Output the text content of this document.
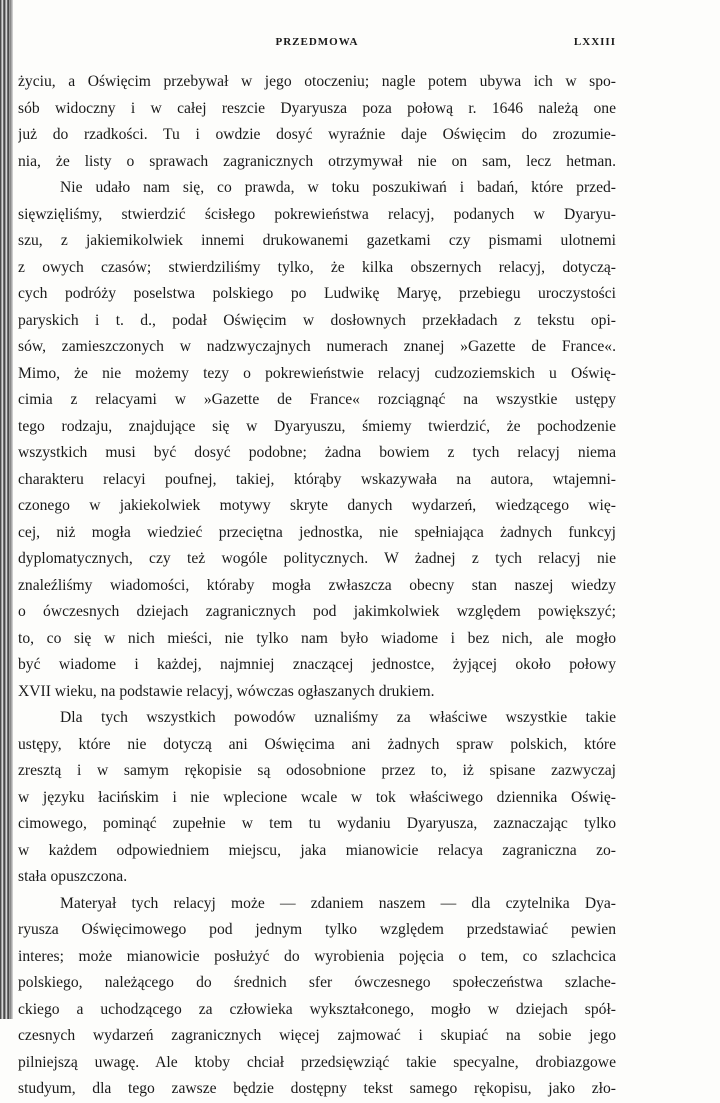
PRZEDMOWA	LXXIII
życiu, a Oświęcim przebywał w jego otoczeniu; nagle potem ubywa ich w spo-
sób widoczny i w całej reszcie Dyaryusza poza połową r. 1646 należą one
już do rzadkości. Tu i owdzie dosyć wyraźnie daje Oświęcim do zrozumie-
nia, że listy o sprawach zagranicznych otrzymywał nie on sam, lecz hetman.
Nie udało nam się, co prawda, w toku poszukiwań i badań, które przed-
sięwzięliśmy, stwierdzić ścisłego pokrewieństwa relacyj, podanych w Dyaryu-
szu, z jakiemikolwiek innemi drukowanemi gazetkami czy pismami ulotnemi
z owych czasów; stwierdziliśmy tylko, że kilka obszernych relacyj, dotyczą-
cych podróży poselstwa polskiego po Ludwikę Maryę, przebiegu uroczystości
paryskich i t. d., podał Oświęcim w dosłownych przekładach z tekstu opi-
sów, zamieszczonych w nadzwyczajnych numerach znanej »Gazette de France«.
Mimo, że nie możemy tezy o pokrewieństwie relacyj cudzoziemskich u Oświę-
cimia z relacyami w »Gazette de France« rozciągnąć na wszystkie ustępy
tego rodzaju, znajdujące się w Dyaryuszu, śmiemy twierdzić, że pochodzenie
wszystkich musi być dosyć podobne; żadna bowiem z tych relacyj niema
charakteru relacyi poufnej, takiej, którąby wskazywała na autora, wtajemni-
czonego w jakiekolwiek motywy skryte danych wydarzeń, wiedzącego wię-
cej, niż mogła wiedzieć przeciętna jednostka, nie spełniająca żadnych funkcyj
dyplomatycznych, czy też wogóle politycznych. W żadnej z tych relacyj nie
znaleźliśmy wiadomości, któraby mogła zwłaszcza obecny stan naszej wiedzy
o ówczesnych dziejach zagranicznych pod jakimkolwiek względem powiększyć;
to, co się w nich mieści, nie tylko nam było wiadome i bez nich, ale mogło
być wiadome i każdej, najmniej znaczącej jednostce, żyjącej około połowy
XVII wieku, na podstawie relacyj, wówczas ogłaszanych drukiem.
Dla tych wszystkich powodów uznaliśmy za właściwe wszystkie takie
ustępy, które nie dotyczą ani Oświęcima ani żadnych spraw polskich, które
zresztą i w samym rękopisie są odosobnione przez to, iż spisane zazwyczaj
w języku łacińskim i nie wplecione wcale w tok właściwego dziennika Oświę-
cimowego, pominąć zupełnie w tem tu wydaniu Dyaryusza, zaznaczając tylko
w każdem odpowiedniem miejscu, jaka mianowicie relacya zagraniczna zo-
stała opuszczona.
Materyał tych relacyj może — zdaniem naszem — dla czytelnika Dya-
ryusza Oświęcimowego pod jednym tylko względem przedstawiać pewien
interes; może mianowicie posłużyć do wyrobienia pojęcia o tem, co szlachcica
polskiego, należącego do średnich sfer ówczesnego społeczeństwa szlache-
ckiego a uchodzącego za człowieka wykształconego, mogło w dziejach spół-
czesnych wydarzeń zagranicznych więcej zajmować i skupiać na sobie jego
pilniejszą uwagę. Ale ktoby chciał przedsięwziąć takie specyalne, drobiazgowe
studyum, dla tego zawsze będzie dostępny tekst samego rękopisu, jako zło-
